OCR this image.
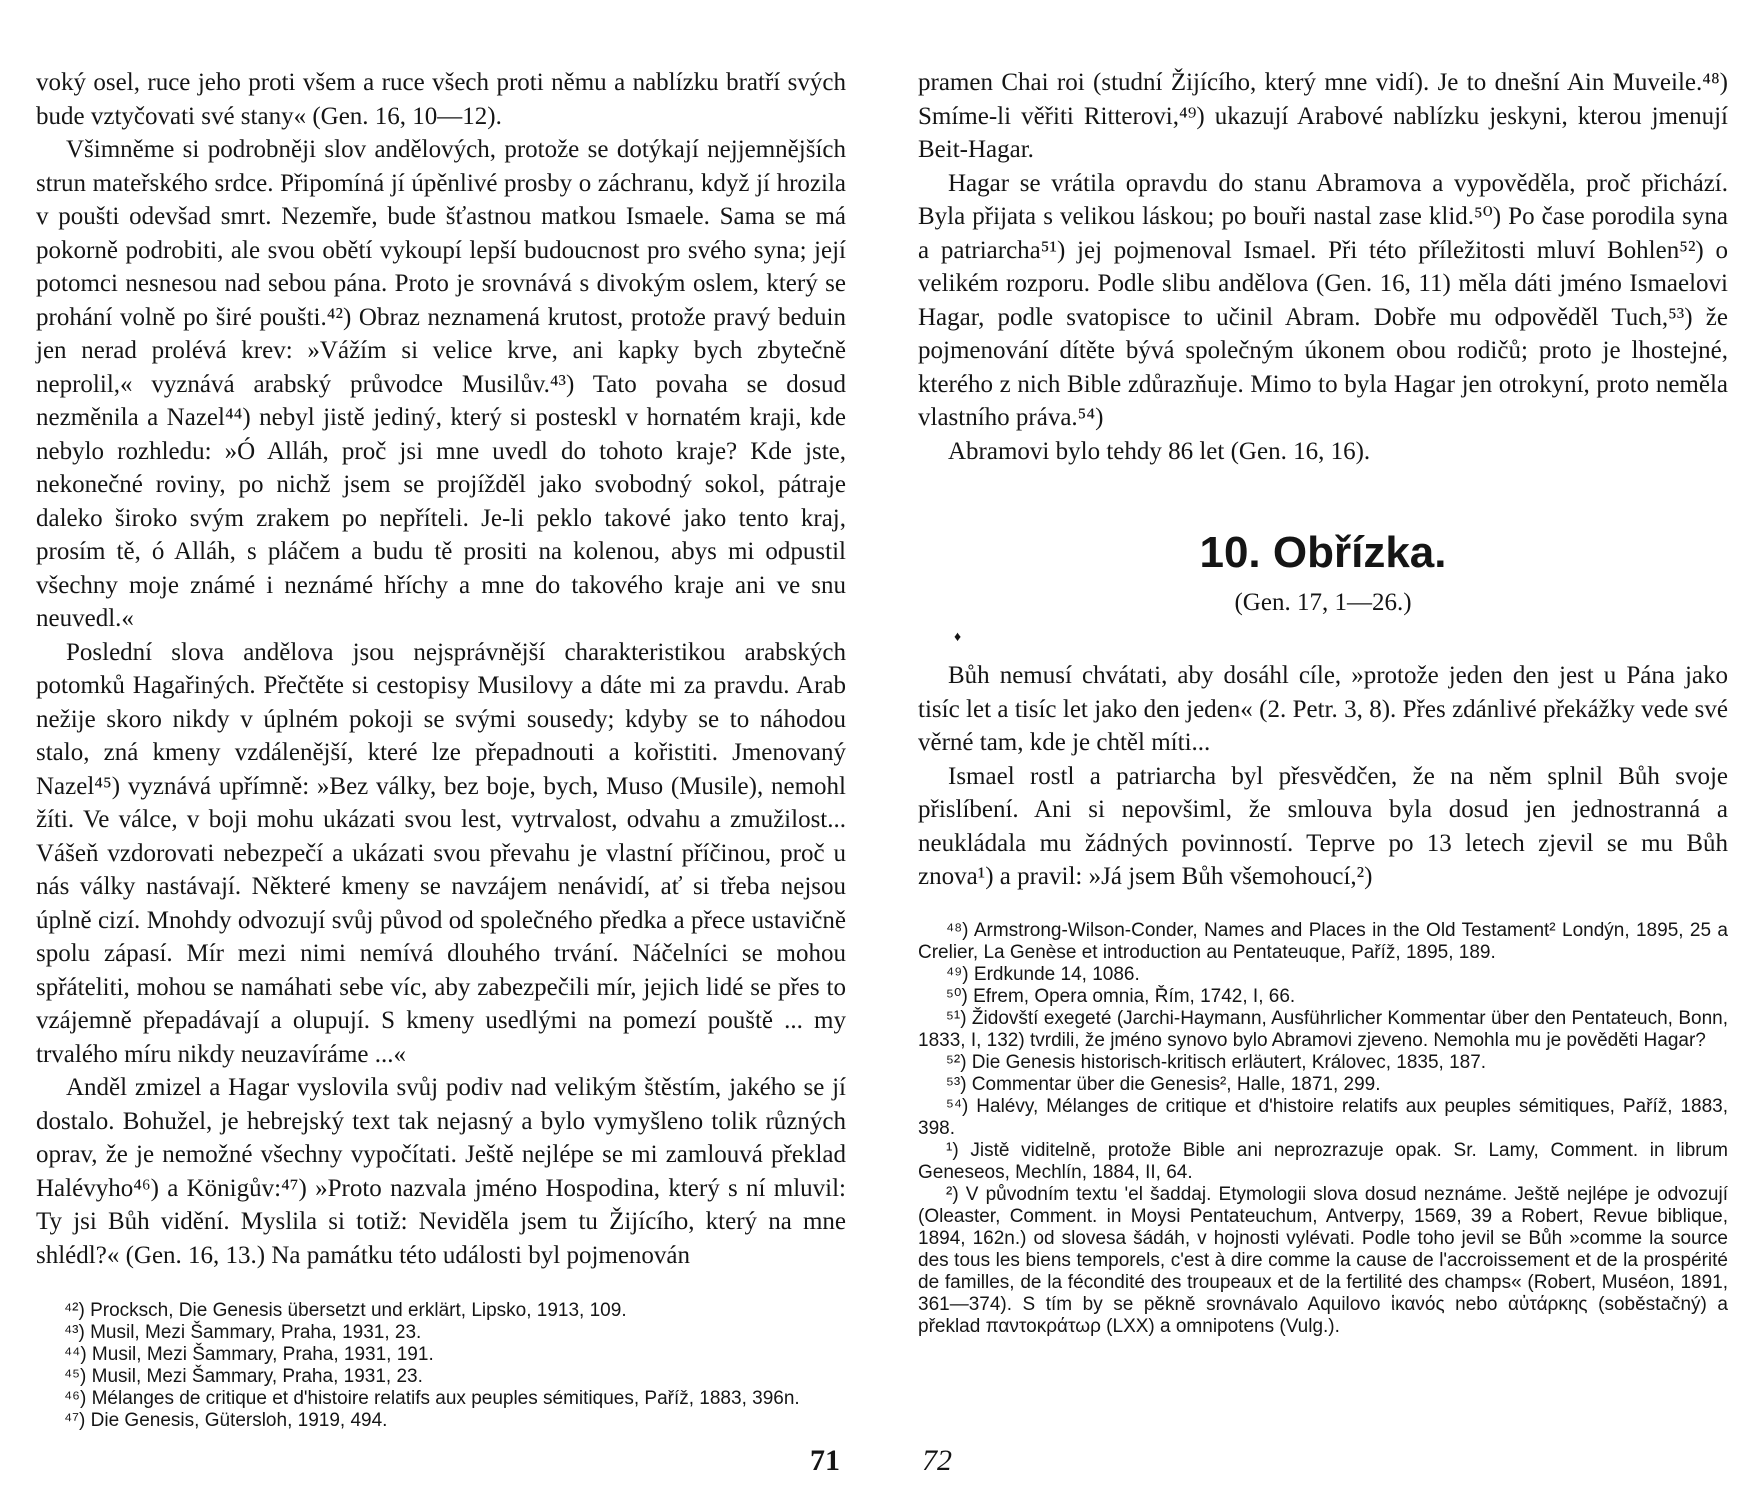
voký osel, ruce jeho proti všem a ruce všech proti němu a nablízku bratří svých bude vztyčovati své stany« (Gen. 16, 10—12).

Všimněme si podrobněji slov andělových, protože se dotýkají nejjemnějších strun mateřského srdce. Připomíná jí úpěnlivé prosby o záchranu, když jí hrozila v poušti odevšad smrt. Nezemře, bude šťastnou matkou Ismaele. Sama se má pokorně podrobiti, ale svou obětí vykoupí lepší budoucnost pro svého syna; její potomci nesnesou nad sebou pána. Proto je srovnává s divokým oslem, který se prohání volně po širé poušti.⁴²) Obraz neznamená krutost, protože pravý beduin jen nerad prolévá krev: »Vážím si velice krve, ani kapky bych zbytečně neprolil,« vyznává arabský průvodce Musilův.⁴³) Tato povaha se dosud nezměnila a Nazel⁴⁴) nebyl jistě jediný, který si posteskl v hornatém kraji, kde nebylo rozhledu: »Ó Alláh, proč jsi mne uvedl do tohoto kraje? Kde jste, nekonečné roviny, po nichž jsem se projížděl jako svobodný sokol, pátraje daleko široko svým zrakem po nepříteli. Je-li peklo takové jako tento kraj, prosím tě, ó Alláh, s pláčem a budu tě prositi na kolenou, abys mi odpustil všechny moje známé i neznámé hříchy a mne do takového kraje ani ve snu neuvedl.«

Poslední slova andělova jsou nejsprávnější charakteristikou arabských potomků Hagařiných. Přečtěte si cestopisy Musilovy a dáte mi za pravdu. Arab nežije skoro nikdy v úplném pokoji se svými sousedy; kdyby se to náhodou stalo, zná kmeny vzdálenější, které lze přepadnouti a kořistiti. Jmenovaný Nazel⁴⁵) vyznává upřímně: »Bez války, bez boje, bych, Muso (Musile), nemohl žíti. Ve válce, v boji mohu ukázati svou lest, vytrvalost, odvahu a zmužilost... Vášeň vzdorovati nebezpečí a ukázati svou převahu je vlastní příčinou, proč u nás války nastávají. Některé kmeny se navzájem nenávidí, ať si třeba nejsou úplně cizí. Mnohdy odvozují svůj původ od společného předka a přece ustavičně spolu zápasí. Mír mezi nimi nemívá dlouhého trvání. Náčelníci se mohou spřáteliti, mohou se namáhati sebe víc, aby zabezpečili mír, jejich lidé se přes to vzájemně přepadávají a olupují. S kmeny usedlými na pomezí pouště ... my trvalého míru nikdy neuzavíráme ...«

Anděl zmizel a Hagar vyslovila svůj podiv nad velikým štěstím, jakého se jí dostalo. Bohužel, je hebrejský text tak nejasný a bylo vymyšleno tolik různých oprav, že je nemožné všechny vypočítati. Ještě nejlépe se mi zamlouvá překlad Halévyho⁴⁶) a Königův:⁴⁷) »Proto nazvala jméno Hospodina, který s ní mluvil: Ty jsi Bůh vidění. Myslila si totiž: Neviděla jsem tu Žijícího, který na mne shlédl?« (Gen. 16, 13.) Na památku této události byl pojmenován

⁴²) Procksch, Die Genesis übersetzt und erklärt, Lipsko, 1913, 109.

⁴³) Musil, Mezi Šammary, Praha, 1931, 23.

⁴⁴) Musil, Mezi Šammary, Praha, 1931, 191.

⁴⁵) Musil, Mezi Šammary, Praha, 1931, 23.

⁴⁶) Mélanges de critique et d'histoire relatifs aux peuples sémitiques, Paříž, 1883, 396n.

⁴⁷) Die Genesis, Gütersloh, 1919, 494.

71

pramen Chai roi (studní Žijícího, který mne vidí). Je to dnešní Ain Muveile.⁴⁸) Smíme-li věřiti Ritterovi,⁴⁹) ukazují Arabové nablízku jeskyni, kterou jmenují Beit-Hagar.

Hagar se vrátila opravdu do stanu Abramova a vypověděla, proč přichází. Byla přijata s velikou láskou; po bouři nastal zase klid.⁵⁰) Po čase porodila syna a patriarcha⁵¹) jej pojmenoval Ismael. Při této příležitosti mluví Bohlen⁵²) o velikém rozporu. Podle slibu andělova (Gen. 16, 11) měla dáti jméno Ismaelovi Hagar, podle svatopisce to učinil Abram. Dobře mu odpověděl Tuch,⁵³) že pojmenování dítěte bývá společným úkonem obou rodičů; proto je lhostejné, kterého z nich Bible zdůrazňuje. Mimo to byla Hagar jen otrokyní, proto neměla vlastního práva.⁵⁴)

Abramovi bylo tehdy 86 let (Gen. 16, 16).

10. Obřízka.
(Gen. 17, 1—26.)
♦

Bůh nemusí chvátati, aby dosáhl cíle, »protože jeden den jest u Pána jako tisíc let a tisíc let jako den jeden« (2. Petr. 3, 8). Přes zdánlivé překážky vede své věrné tam, kde je chtěl míti...

Ismael rostl a patriarcha byl přesvědčen, že na něm splnil Bůh svoje přislíbení. Ani si nepovšiml, že smlouva byla dosud jen jednostranná a neukládala mu žádných povinností. Teprve po 13 letech zjevil se mu Bůh znova¹) a pravil: »Já jsem Bůh všemohoucí,²)

⁴⁸) Armstrong-Wilson-Conder, Names and Places in the Old Testament² Londýn, 1895, 25 a Crelier, La Genèse et introduction au Pentateuque, Paříž, 1895, 189.

⁴⁹) Erdkunde 14, 1086.

⁵⁰) Efrem, Opera omnia, Řím, 1742, I, 66.

⁵¹) Židovští exegeté (Jarchi-Haymann, Ausführlicher Kommentar über den Pentateuch, Bonn, 1833, I, 132) tvrdili, že jméno synovo bylo Abramovi zjeveno. Nemohla mu je pověděti Hagar?

⁵²) Die Genesis historisch-kritisch erläutert, Královec, 1835, 187.

⁵³) Commentar über die Genesis², Halle, 1871, 299.

⁵⁴) Halévy, Mélanges de critique et d'histoire relatifs aux peuples sémitiques, Paříž, 1883, 398.

¹) Jistě viditelně, protože Bible ani neprozrazuje opak. Sr. Lamy, Comment. in librum Geneseos, Mechlín, 1884, II, 64.

²) V původním textu 'el šaddaj. Etymologii slova dosud neznáme. Ještě nejlépe je odvozují (Oleaster, Comment. in Moysi Pentateuchum, Antverpy, 1569, 39 a Robert, Revue biblique, 1894, 162n.) od slovesa šádáh, v hojnosti vylévati. Podle toho jevil se Bůh »comme la source des tous les biens temporels, c'est à dire comme la cause de l'accroissement et de la prospérité de familles, de la fécondité des troupeaux et de la fertilité des champs« (Robert, Muséon, 1891, 361—374). S tím by se pěkně srovnávalo Aquilovo ἱκανός nebo αὐτάρκης (soběstačný) a překlad παντοκράτωρ (LXX) a omnipotens (Vulg.).

72
